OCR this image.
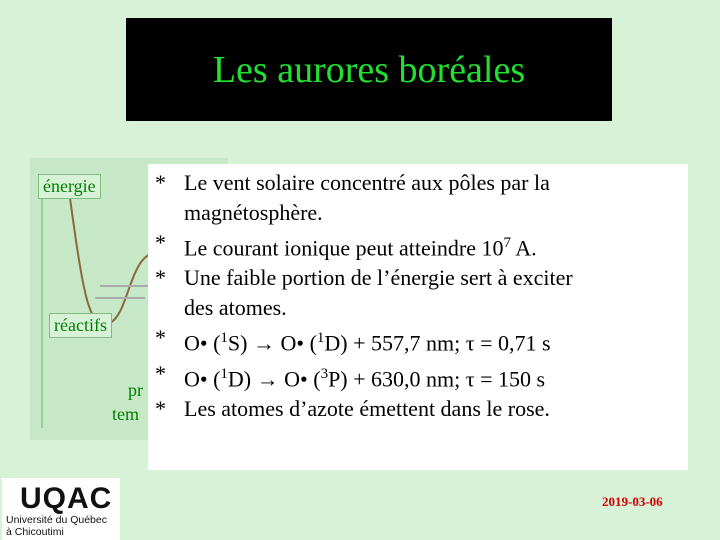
Les aurores boréales
énergie
réactifs
pr
tem
* Le vent solaire concentré aux pôles par la
magnétosphère.
* Le courant ionique peut atteindre $10^7$ A.
* Une faible portion de l’énergie sert à exciter
des atomes.
* O• ($^1$S) → O• ($^1$D) + 557,7 nm; τ = 0,71 s
* O• ($^1$D) → O• ($^3$P) + 630,0 nm; τ = 150 s
* Les atomes d’azote émettent dans le rose.
UQAC
Université du Québec
à Chicoutimi
2019-03-06
